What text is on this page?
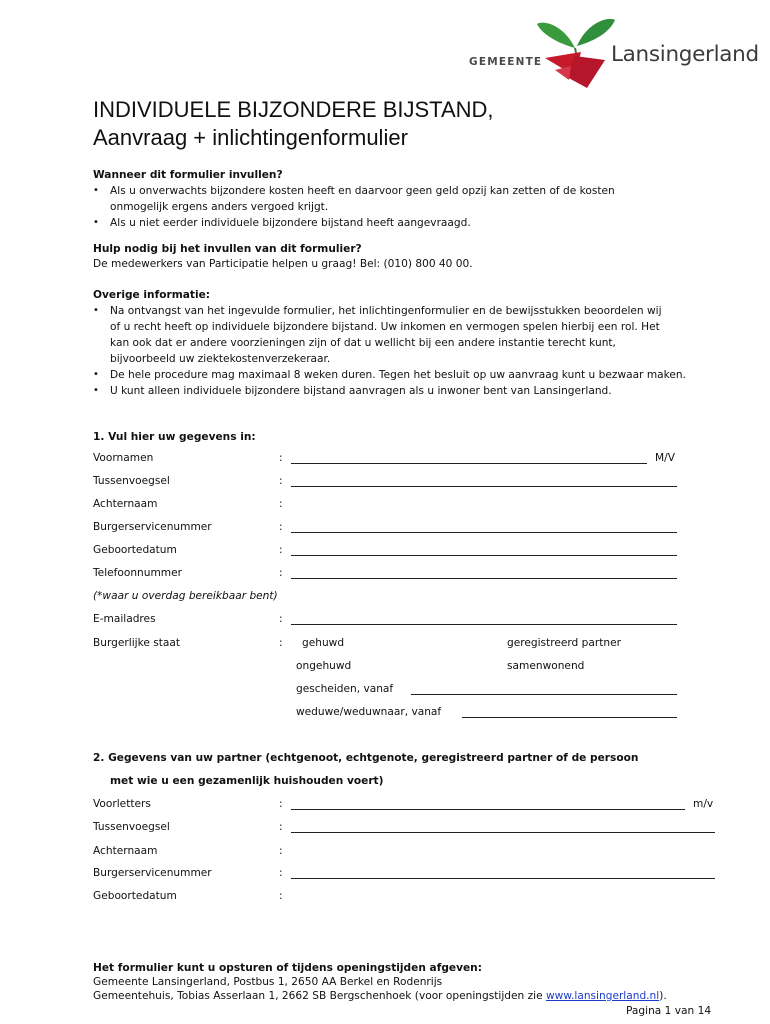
GEMEENTE	Lansingerland
INDIVIDUELE BIJZONDERE BIJSTAND,
Aanvraag + inlichtingenformulier
Wanneer dit formulier invullen?
• Als u onverwachts bijzondere kosten heeft en daarvoor geen geld opzij kan zetten of de kosten
onmogelijk ergens anders vergoed krijgt.
• Als u niet eerder individuele bijzondere bijstand heeft aangevraagd.
Hulp nodig bij het invullen van dit formulier?
De medewerkers van Participatie helpen u graag! Bel: (010) 800 40 00.
Overige informatie:
• Na ontvangst van het ingevulde formulier, het inlichtingenformulier en de bewijsstukken beoordelen wij
of u recht heeft op individuele bijzondere bijstand. Uw inkomen en vermogen spelen hierbij een rol. Het
kan ook dat er andere voorzieningen zijn of dat u wellicht bij een andere instantie terecht kunt,
bijvoorbeeld uw ziektekostenverzekeraar.
• De hele procedure mag maximaal 8 weken duren. Tegen het besluit op uw aanvraag kunt u bezwaar maken.
• U kunt alleen individuele bijzondere bijstand aanvragen als u inwoner bent van Lansingerland.
1. Vul hier uw gegevens in:
Voornamen	:	M/V
Tussenvoegsel	:
Achternaam	:
Burgerservicenummer	:
Geboortedatum	:
Telefoonnummer	:
(*waar u overdag bereikbaar bent)
E-mailadres	:
Burgerlijke staat	: gehuwd	geregistreerd partner
ongehuwd	samenwonend
gescheiden, vanaf
weduwe/weduwnaar, vanaf
2. Gegevens van uw partner (echtgenoot, echtgenote, geregistreerd partner of de persoon
met wie u een gezamenlijk huishouden voert)
Voorletters	:	m/v
Tussenvoegsel	:
Achternaam	:
Burgerservicenummer	:
Geboortedatum	:
Het formulier kunt u opsturen of tijdens openingstijden afgeven:
Gemeente Lansingerland, Postbus 1, 2650 AA Berkel en Rodenrijs
Gemeentehuis, Tobias Asserlaan 1, 2662 SB Bergschenhoek (voor openingstijden zie www.lansingerland.nl).
Pagina 1 van 14
